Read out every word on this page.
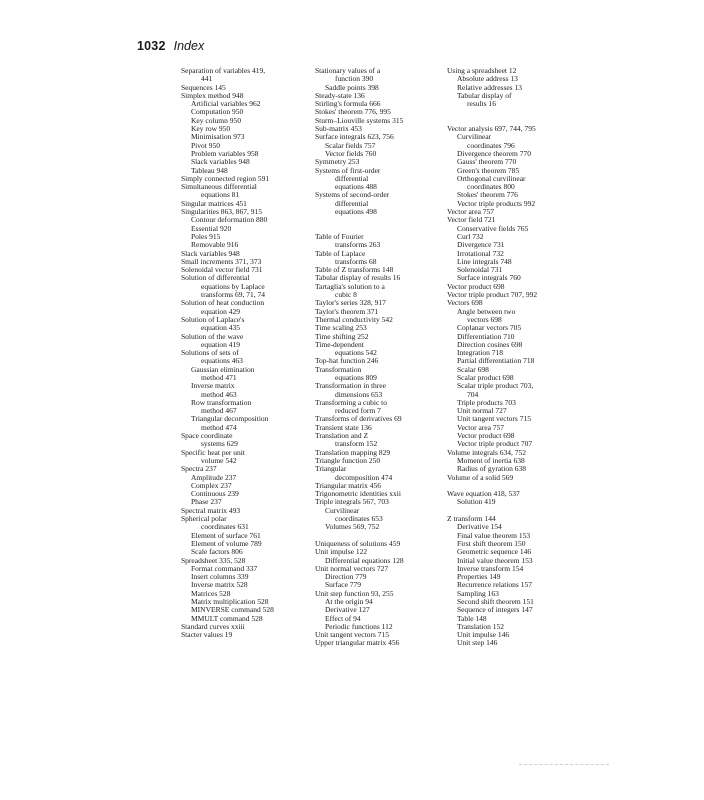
1032 Index
Separation of variables 419,
441
Sequences 145
Simplex method 948
Artificial variables 962
Computation 950
Key column 950
Key row 950
Minimisation 973
Pivot 950
Problem variables 958
Slack variables 948
Tableau 948
Simply connected region 591
Simultaneous differential
equations 81
Singular matrices 451
Singularities 863, 867, 915
Contour deformation 880
Essential 920
Poles 915
Removable 916
Slack variables 948
Small increments 371, 373
Solenoidal vector field 731
Solution of differential
equations by Laplace
transforms 69, 71, 74
Solution of heat conduction
equation 429
Solution of Laplace's
equation 435
Solution of the wave
equation 419
Solutions of sets of
equations 463
Gaussian elimination
method 471
Inverse matrix
method 463
Row transformation
method 467
Triangular decomposition
method 474
Space coordinate
systems 629
Specific heat per unit
volume 542
Spectra 237
Amplitude 237
Complex 237
Continuous 239
Phase 237
Spectral matrix 493
Spherical polar
coordinates 631
Element of surface 761
Element of volume 789
Scale factors 806
Spreadsheet 335, 528
Format command 337
Insert columns 339
Inverse matrix 528
Matrices 528
Matrix multiplication 528
MINVERSE command 528
MMULT command 528
Standard curves xxiii
Stacter values 19
Stationary values of a
function 390
Saddle points 398
Steady-state 136
Stirling's formula 666
Stokes' theorem 776, 995
Sturm–Liouville systems 315
Sub-matrix 453
Surface integrals 623, 756
Scalar fields 757
Vector fields 760
Symmetry 253
Systems of first-order
differential
equations 488
Systems of second-order
differential
equations 498
Table of Fourier
transforms 263
Table of Laplace
transforms 68
Table of Z transforms 148
Tabular display of results 16
Tartaglia's solution to a
cubic 8
Taylor's series 328, 917
Taylor's theorem 371
Thermal conductivity 542
Time scaling 253
Time shifting 252
Time-dependent
equations 542
Top-hat function 246
Transformation
equations 809
Transformation in three
dimensions 653
Transforming a cubic to
reduced form 7
Transforms of derivatives 69
Transient state 136
Translation and Z
transform 152
Translation mapping 829
Triangle function 250
Triangular
decomposition 474
Triangular matrix 456
Trigonometric identities xxii
Triple integrals 567, 703
Curvilinear
coordinates 653
Volumes 569, 752
Uniqueness of solutions 459
Unit impulse 122
Differential equations 128
Unit normal vectors 727
Direction 779
Surface 779
Unit step function 93, 255
At the origin 94
Derivative 127
Effect of 94
Periodic functions 112
Unit tangent vectors 715
Upper triangular matrix 456
Using a spreadsheet 12
Absolute address 13
Relative addresses 13
Tabular display of
results 16
Vector analysis 697, 744, 795
Curvilinear
coordinates 796
Divergence theorem 770
Gauss' theorem 770
Green's theorem 785
Orthogonal curvilinear
coordinates 800
Stokes' theorem 776
Vector triple products 992
Vector area 757
Vector field 721
Conservative fields 765
Curl 732
Divergence 731
Irrotational 732
Line integrals 748
Solenoidal 731
Surface integrals 760
Vector product 698
Vector triple product 707, 992
Vectors 698
Angle between two
vectors 698
Coplanar vectors 705
Differentiation 710
Direction cosines 698
Integration 718
Partial differentiation 718
Scalar 698
Scalar product 698
Scalar triple product 703,
704
Triple products 703
Unit normal 727
Unit tangent vectors 715
Vector area 757
Vector product 698
Vector triple product 707
Volume integrals 634, 752
Moment of inertia 638
Radius of gyration 638
Volume of a solid 569
Wave equation 418, 537
Solution 419
Z transform 144
Derivative 154
Final value theorem 153
First shift theorem 150
Geometric sequence 146
Initial value theorem 153
Inverse transform 154
Properties 149
Recurrence relations 157
Sampling 163
Second shift theorem 151
Sequence of integers 147
Table 148
Translation 152
Unit impulse 146
Unit step 146
